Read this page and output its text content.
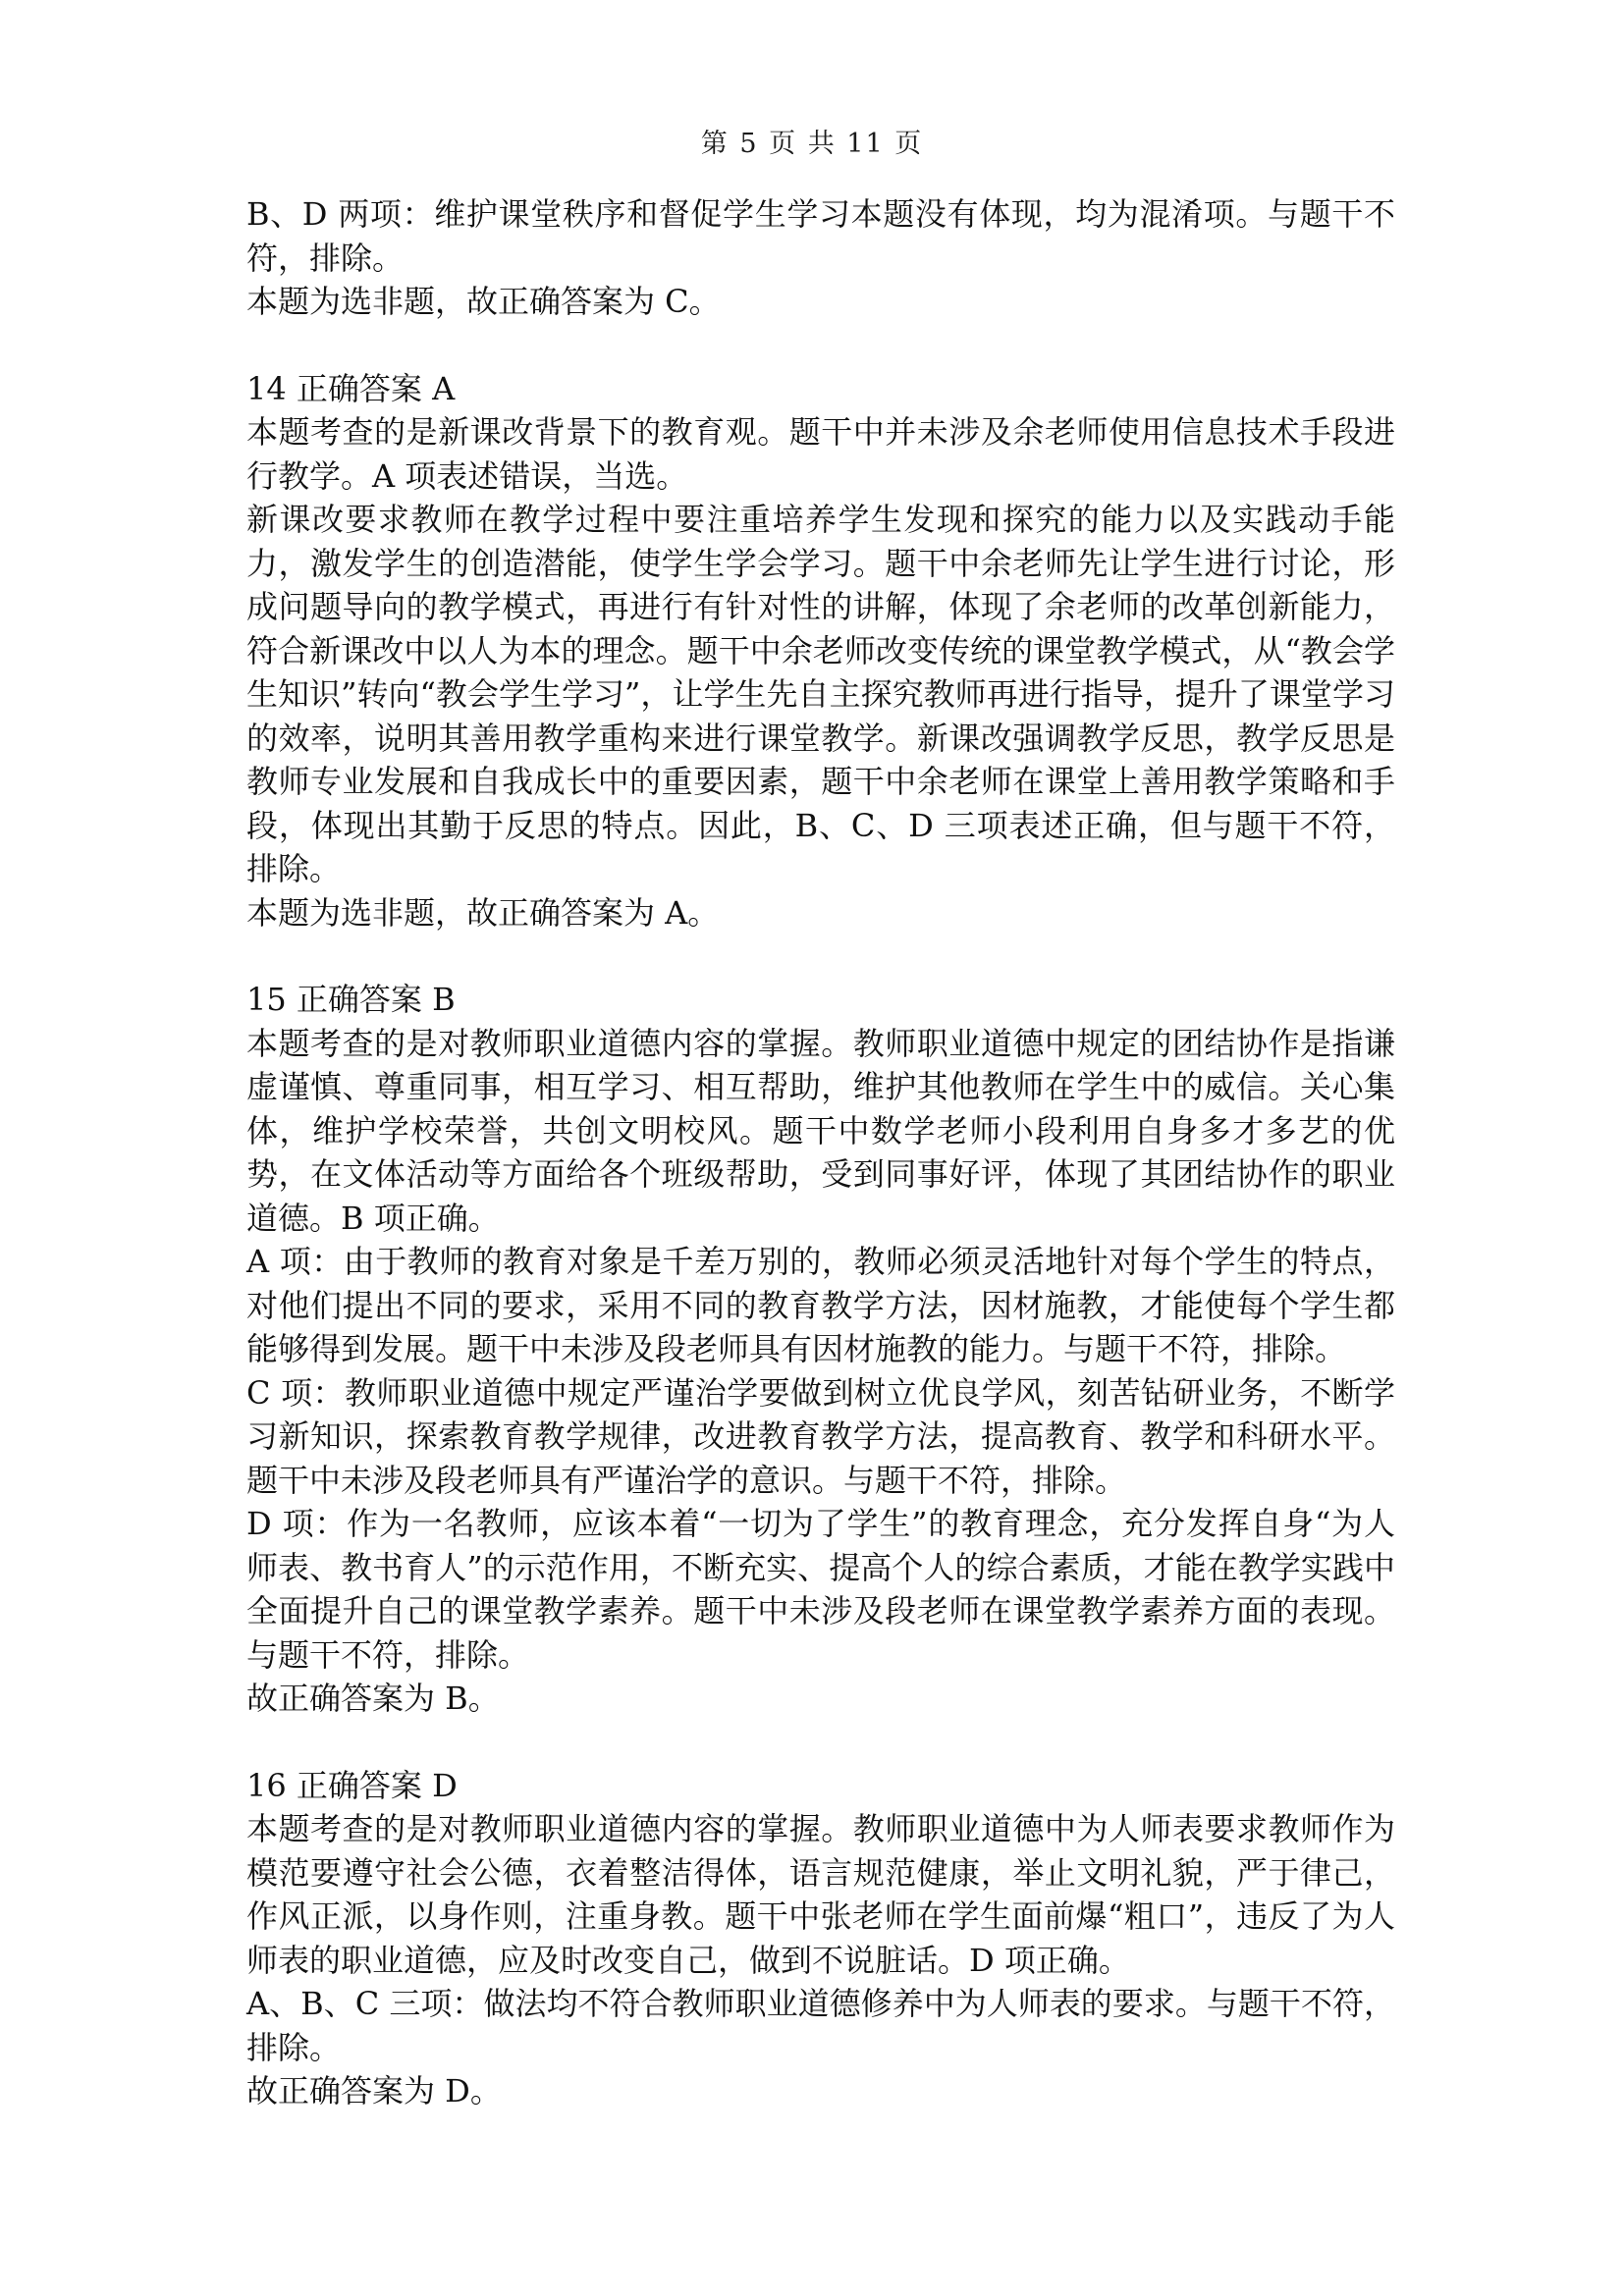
第 5 页 共 11 页

B、D 两项：维护课堂秩序和督促学生学习本题没有体现，均为混淆项。与题干不符，排除。

本题为选非题，故正确答案为 C。

14 正确答案 A

本题考查的是新课改背景下的教育观。题干中并未涉及余老师使用信息技术手段进行教学。A 项表述错误，当选。

新课改要求教师在教学过程中要注重培养学生发现和探究的能力以及实践动手能力，激发学生的创造潜能，使学生学会学习。题干中余老师先让学生进行讨论，形成问题导向的教学模式，再进行有针对性的讲解，体现了余老师的改革创新能力，符合新课改中以人为本的理念。题干中余老师改变传统的课堂教学模式，从“教会学生知识”转向“教会学生学习”，让学生先自主探究教师再进行指导，提升了课堂学习的效率，说明其善用教学重构来进行课堂教学。新课改强调教学反思，教学反思是教师专业发展和自我成长中的重要因素，题干中余老师在课堂上善用教学策略和手段，体现出其勤于反思的特点。因此，B、C、D 三项表述正确，但与题干不符，排除。

本题为选非题，故正确答案为 A。

15 正确答案 B

本题考查的是对教师职业道德内容的掌握。教师职业道德中规定的团结协作是指谦虚谨慎、尊重同事，相互学习、相互帮助，维护其他教师在学生中的威信。关心集体，维护学校荣誉，共创文明校风。题干中数学老师小段利用自身多才多艺的优势，在文体活动等方面给各个班级帮助，受到同事好评，体现了其团结协作的职业道德。B 项正确。

A 项：由于教师的教育对象是千差万别的，教师必须灵活地针对每个学生的特点，对他们提出不同的要求，采用不同的教育教学方法，因材施教，才能使每个学生都能够得到发展。题干中未涉及段老师具有因材施教的能力。与题干不符，排除。

C 项：教师职业道德中规定严谨治学要做到树立优良学风，刻苦钻研业务，不断学习新知识，探索教育教学规律，改进教育教学方法，提高教育、教学和科研水平。题干中未涉及段老师具有严谨治学的意识。与题干不符，排除。

D 项：作为一名教师，应该本着“一切为了学生”的教育理念，充分发挥自身“为人师表、教书育人”的示范作用，不断充实、提高个人的综合素质，才能在教学实践中全面提升自己的课堂教学素养。题干中未涉及段老师在课堂教学素养方面的表现。与题干不符，排除。

故正确答案为 B。

16 正确答案 D

本题考查的是对教师职业道德内容的掌握。教师职业道德中为人师表要求教师作为模范要遵守社会公德，衣着整洁得体，语言规范健康，举止文明礼貌，严于律己，作风正派，以身作则，注重身教。题干中张老师在学生面前爆“粗口”，违反了为人师表的职业道德，应及时改变自己，做到不说脏话。D 项正确。

A、B、C 三项：做法均不符合教师职业道德修养中为人师表的要求。与题干不符，排除。

故正确答案为 D。
